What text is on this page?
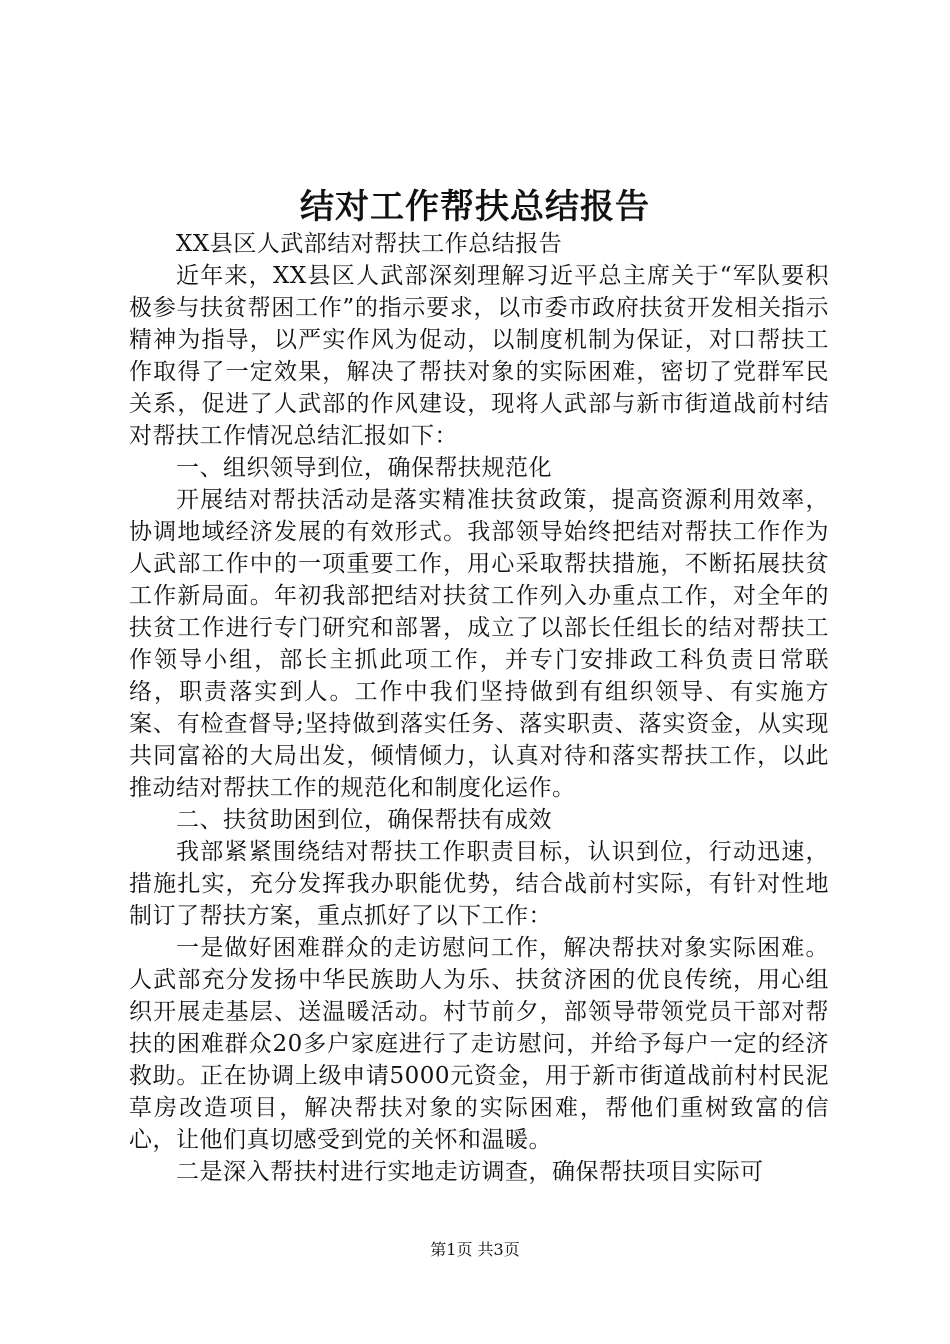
结对工作帮扶总结报告

XX县区人武部结对帮扶工作总结报告

近年来，XX县区人武部深刻理解习近平总主席关于“军队要积极参与扶贫帮困工作”的指示要求，以市委市政府扶贫开发相关指示精神为指导，以严实作风为促动，以制度机制为保证，对口帮扶工作取得了一定效果，解决了帮扶对象的实际困难，密切了党群军民关系，促进了人武部的作风建设，现将人武部与新市街道战前村结对帮扶工作情况总结汇报如下：

一、组织领导到位，确保帮扶规范化

开展结对帮扶活动是落实精准扶贫政策，提高资源利用效率，协调地域经济发展的有效形式。我部领导始终把结对帮扶工作作为人武部工作中的一项重要工作，用心采取帮扶措施，不断拓展扶贫工作新局面。年初我部把结对扶贫工作列入办重点工作，对全年的扶贫工作进行专门研究和部署，成立了以部长任组长的结对帮扶工作领导小组，部长主抓此项工作，并专门安排政工科负责日常联络，职责落实到人。工作中我们坚持做到有组织领导、有实施方案、有检查督导;坚持做到落实任务、落实职责、落实资金，从实现共同富裕的大局出发，倾情倾力，认真对待和落实帮扶工作，以此推动结对帮扶工作的规范化和制度化运作。

二、扶贫助困到位，确保帮扶有成效

我部紧紧围绕结对帮扶工作职责目标，认识到位，行动迅速，措施扎实，充分发挥我办职能优势，结合战前村实际，有针对性地制订了帮扶方案，重点抓好了以下工作：

一是做好困难群众的走访慰问工作，解决帮扶对象实际困难。人武部充分发扬中华民族助人为乐、扶贫济困的优良传统，用心组织开展走基层、送温暖活动。村节前夕，部领导带领党员干部对帮扶的困难群众20多户家庭进行了走访慰问，并给予每户一定的经济救助。正在协调上级申请5000元资金，用于新市街道战前村村民泥草房改造项目，解决帮扶对象的实际困难，帮他们重树致富的信心，让他们真切感受到党的关怀和温暖。

二是深入帮扶村进行实地走访调查，确保帮扶项目实际可

第1页 共3页
